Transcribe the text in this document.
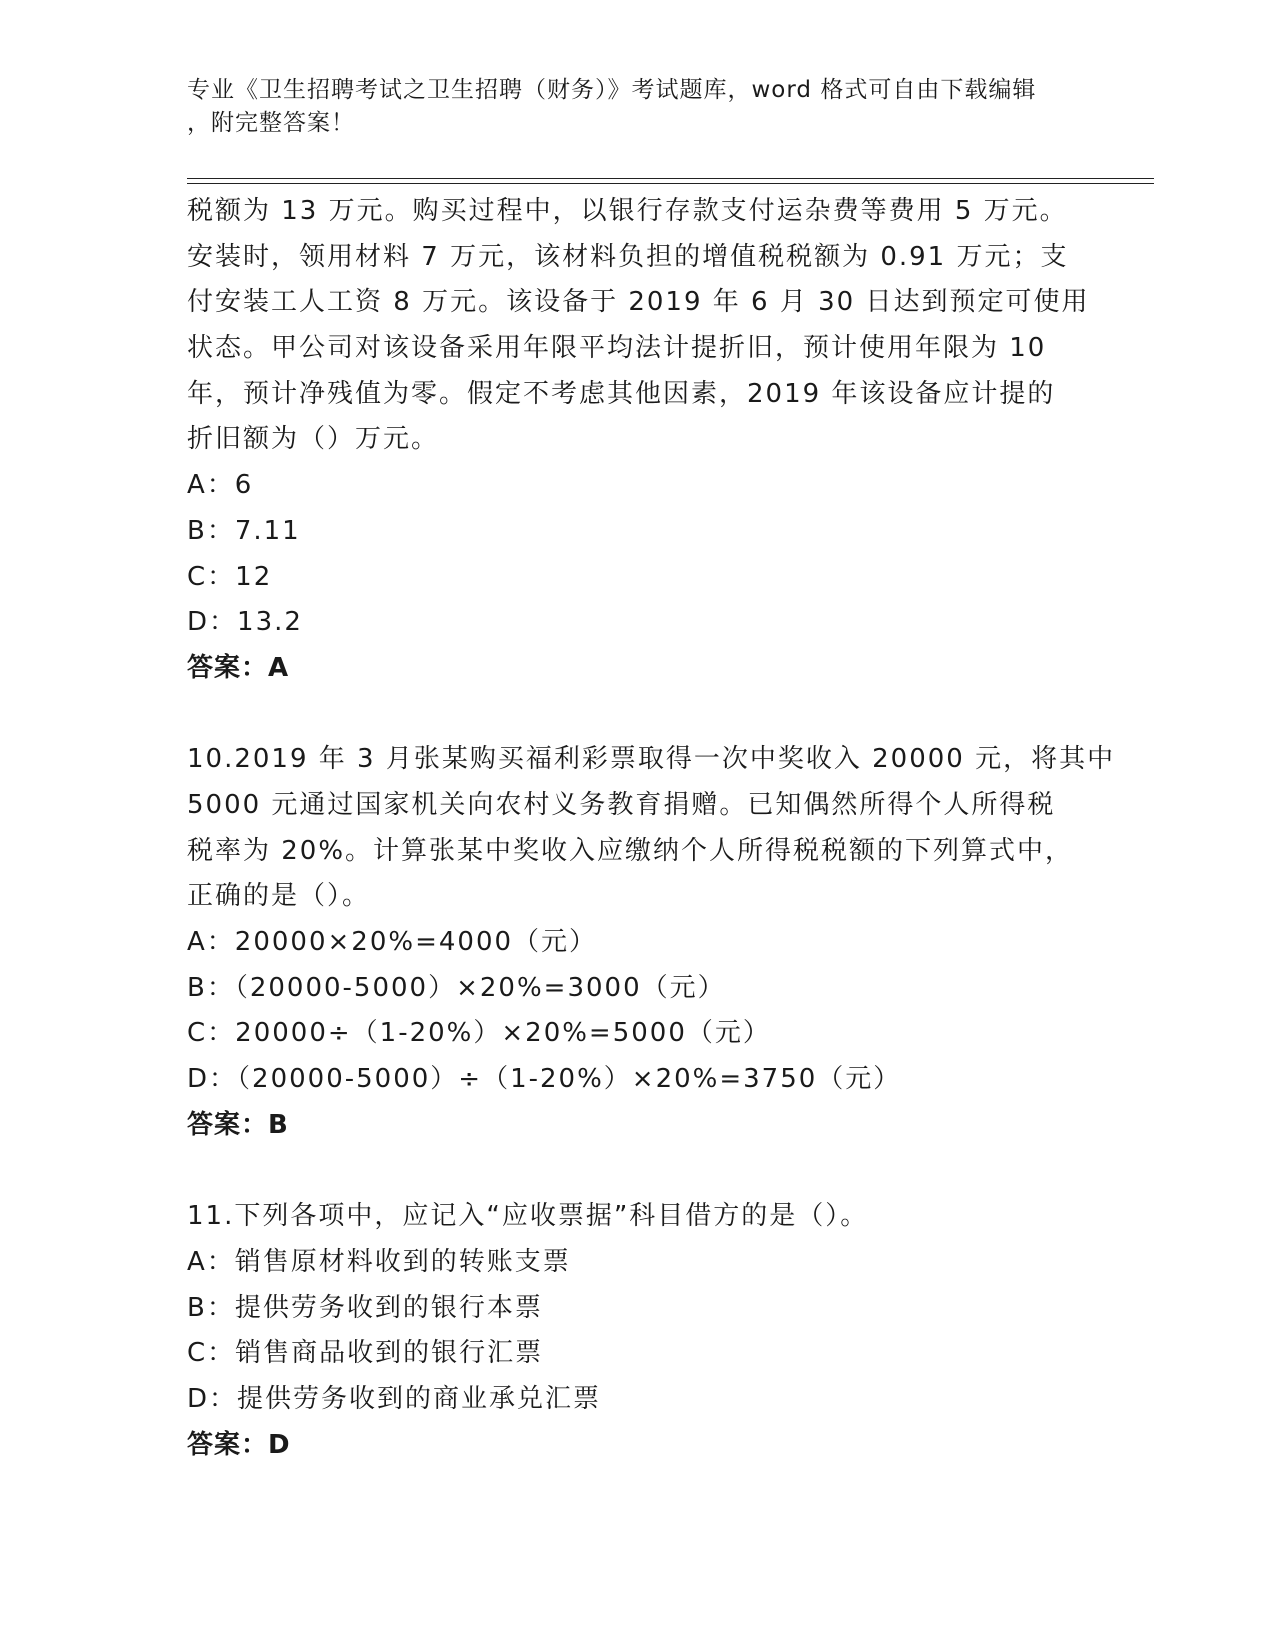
专业《卫生招聘考试之卫生招聘（财务）》考试题库，word 格式可自由下载编辑
，附完整答案！
税额为 13 万元。购买过程中，以银行存款支付运杂费等费用 5 万元。
安装时，领用材料 7 万元，该材料负担的增值税税额为 0.91 万元；支
付安装工人工资 8 万元。该设备于 2019 年 6 月 30 日达到预定可使用
状态。甲公司对该设备采用年限平均法计提折旧，预计使用年限为 10
年，预计净残值为零。假定不考虑其他因素，2019 年该设备应计提的
折旧额为（）万元。
A：6
B：7.11
C：12
D：13.2
答案：A
10.2019 年 3 月张某购买福利彩票取得一次中奖收入 20000 元，将其中
5000 元通过国家机关向农村义务教育捐赠。已知偶然所得个人所得税
税率为 20%。计算张某中奖收入应缴纳个人所得税税额的下列算式中，
正确的是（）。
A：20000×20%=4000（元）
B：（20000-5000）×20%=3000（元）
C：20000÷（1-20%）×20%=5000（元）
D：（20000-5000）÷（1-20%）×20%=3750（元）
答案：B
11.下列各项中，应记入“应收票据”科目借方的是（）。
A：销售原材料收到的转账支票
B：提供劳务收到的银行本票
C：销售商品收到的银行汇票
D：提供劳务收到的商业承兑汇票
答案：D
